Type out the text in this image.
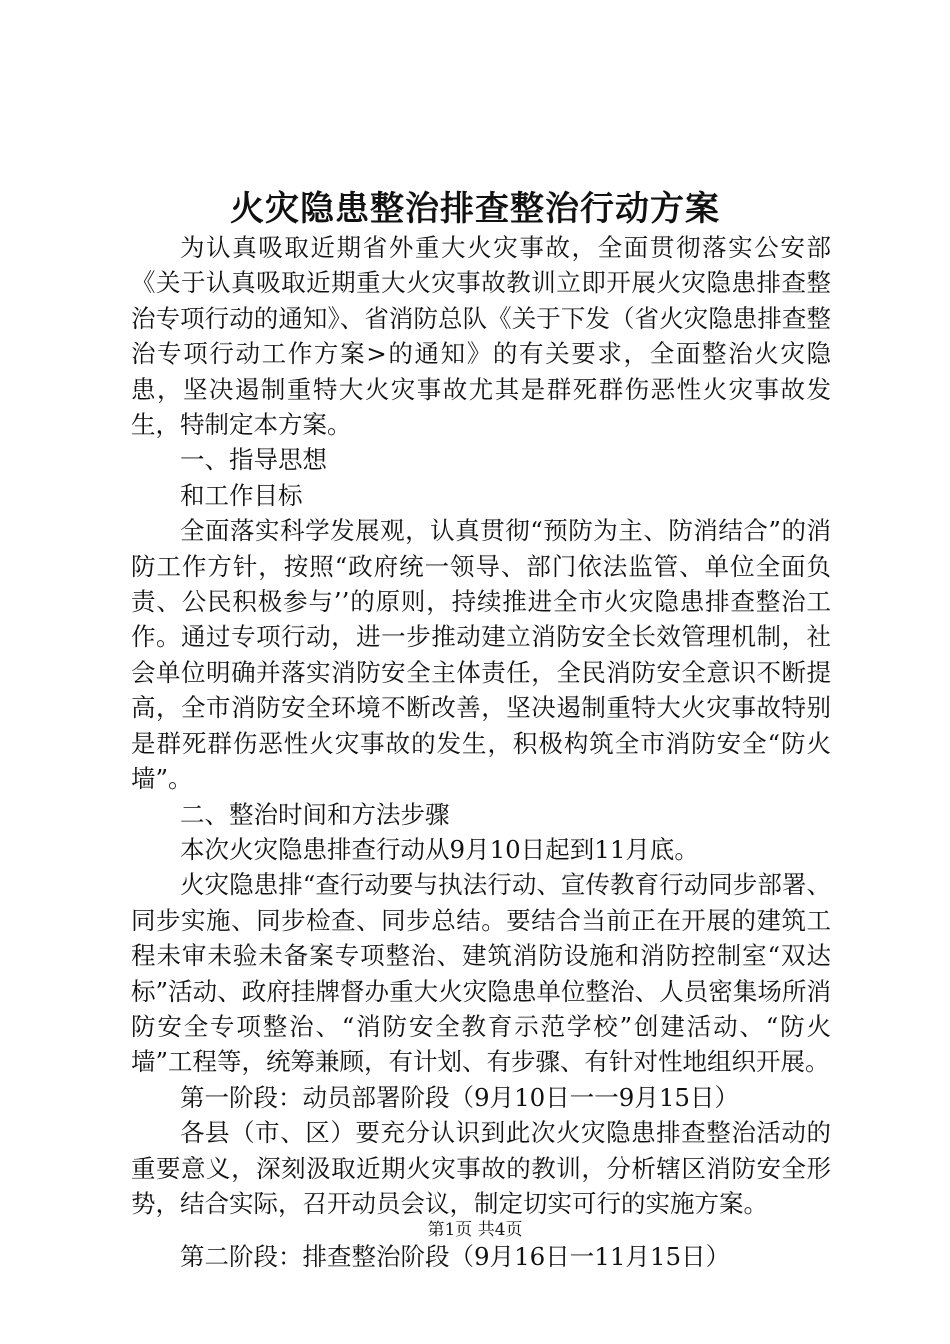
火灾隐患整治排查整治行动方案

为认真吸取近期省外重大火灾事故，全面贯彻落实公安部《关于认真吸取近期重大火灾事故教训立即开展火灾隐患排查整治专项行动的通知》、省消防总队《关于下发（省火灾隐患排查整治专项行动工作方案>的通知》的有关要求，全面整治火灾隐患，坚决遏制重特大火灾事故尤其是群死群伤恶性火灾事故发生，特制定本方案。

一、指导思想

和工作目标

全面落实科学发展观，认真贯彻“预防为主、防消结合”的消防工作方针，按照“政府统一领导、部门依法监管、单位全面负责、公民积极参与’’的原则，持续推进全市火灾隐患排查整治工作。通过专项行动，进一步推动建立消防安全长效管理机制，社会单位明确并落实消防安全主体责任，全民消防安全意识不断提高，全市消防安全环境不断改善，坚决遏制重特大火灾事故特别是群死群伤恶性火灾事故的发生，积极构筑全市消防安全“防火墙”。

二、整治时间和方法步骤

本次火灾隐患排查行动从9月10日起到11月底。

火灾隐患排“查行动要与执法行动、宣传教育行动同步部署、同步实施、同步检查、同步总结。要结合当前正在开展的建筑工程未审未验未备案专项整治、建筑消防设施和消防控制室“双达标”活动、政府挂牌督办重大火灾隐患单位整治、人员密集场所消防安全专项整治、“消防安全教育示范学校”创建活动、“防火墙”工程等，统筹兼顾，有计划、有步骤、有针对性地组织开展。

第一阶段：动员部署阶段（9月10日一一9月15日）

各县（市、区）要充分认识到此次火灾隐患排查整治活动的重要意义，深刻汲取近期火灾事故的教训，分析辖区消防安全形势，结合实际，召开动员会议，制定切实可行的实施方案。

第二阶段：排查整治阶段（9月16日一11月15日）

第1页 共4页
